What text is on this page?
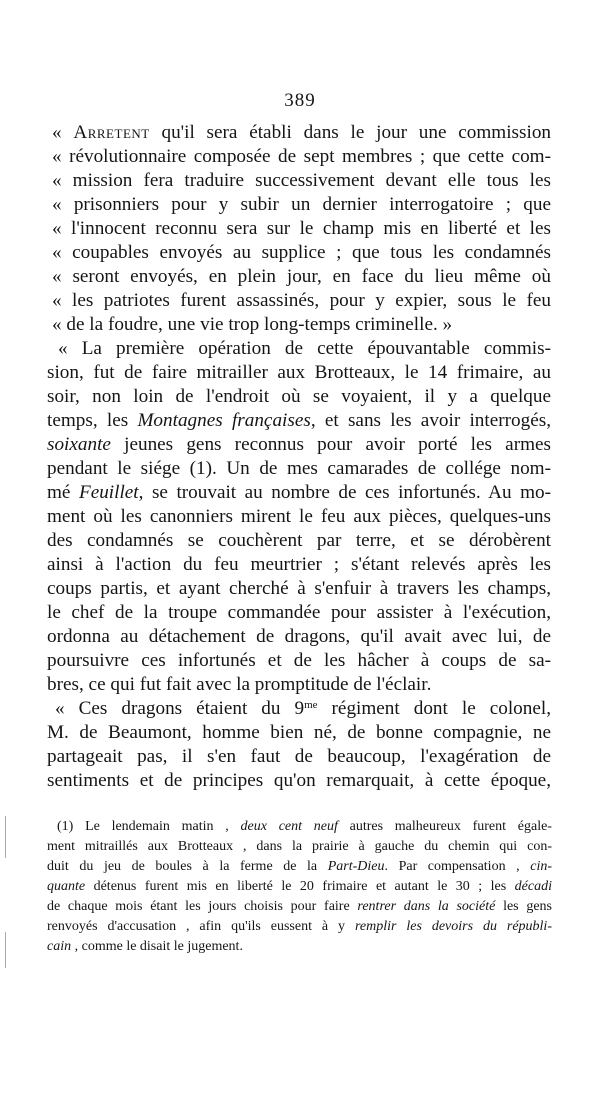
389
« Arretent qu'il sera établi dans le jour une commission
« révolutionnaire composée de sept membres ; que cette com-
« mission fera traduire successivement devant elle tous les
« prisonniers pour y subir un dernier interrogatoire ; que
« l'innocent reconnu sera sur le champ mis en liberté et les
« coupables envoyés au supplice ; que tous les condamnés
« seront envoyés, en plein jour, en face du lieu même où
« les patriotes furent assassinés, pour y expier, sous le feu
« de la foudre, une vie trop long-temps criminelle. »
« La première opération de cette épouvantable commis-
sion, fut de faire mitrailler aux Brotteaux, le 14 frimaire, au
soir, non loin de l'endroit où se voyaient, il y a quelque
temps, les Montagnes françaises, et sans les avoir interrogés,
soixante jeunes gens reconnus pour avoir porté les armes
pendant le siége (1). Un de mes camarades de collége nom-
mé Feuillet, se trouvait au nombre de ces infortunés. Au mo-
ment où les canonniers mirent le feu aux pièces, quelques-uns
des condamnés se couchèrent par terre, et se dérobèrent
ainsi à l'action du feu meurtrier ; s'étant relevés après les
coups partis, et ayant cherché à s'enfuir à travers les champs,
le chef de la troupe commandée pour assister à l'exécution,
ordonna au détachement de dragons, qu'il avait avec lui, de
poursuivre ces infortunés et de les hâcher à coups de sa-
bres, ce qui fut fait avec la promptitude de l'éclair.
« Ces dragons étaient du $9^{me}$ régiment dont le colonel,
M. de Beaumont, homme bien né, de bonne compagnie, ne
partageait pas, il s'en faut de beaucoup, l'exagération de
sentiments et de principes qu'on remarquait, à cette époque,
(1) Le lendemain matin , deux cent neuf autres malheureux furent égale-
ment mitraillés aux Brotteaux , dans la prairie à gauche du chemin qui con-
duit du jeu de boules à la ferme de la Part-Dieu. Par compensation , cin-
quante détenus furent mis en liberté le 20 frimaire et autant le 30 ; les décadi
de chaque mois étant les jours choisis pour faire rentrer dans la société les gens
renvoyés d'accusation , afin qu'ils eussent à y remplir les devoirs du républi-
cain , comme le disait le jugement.
